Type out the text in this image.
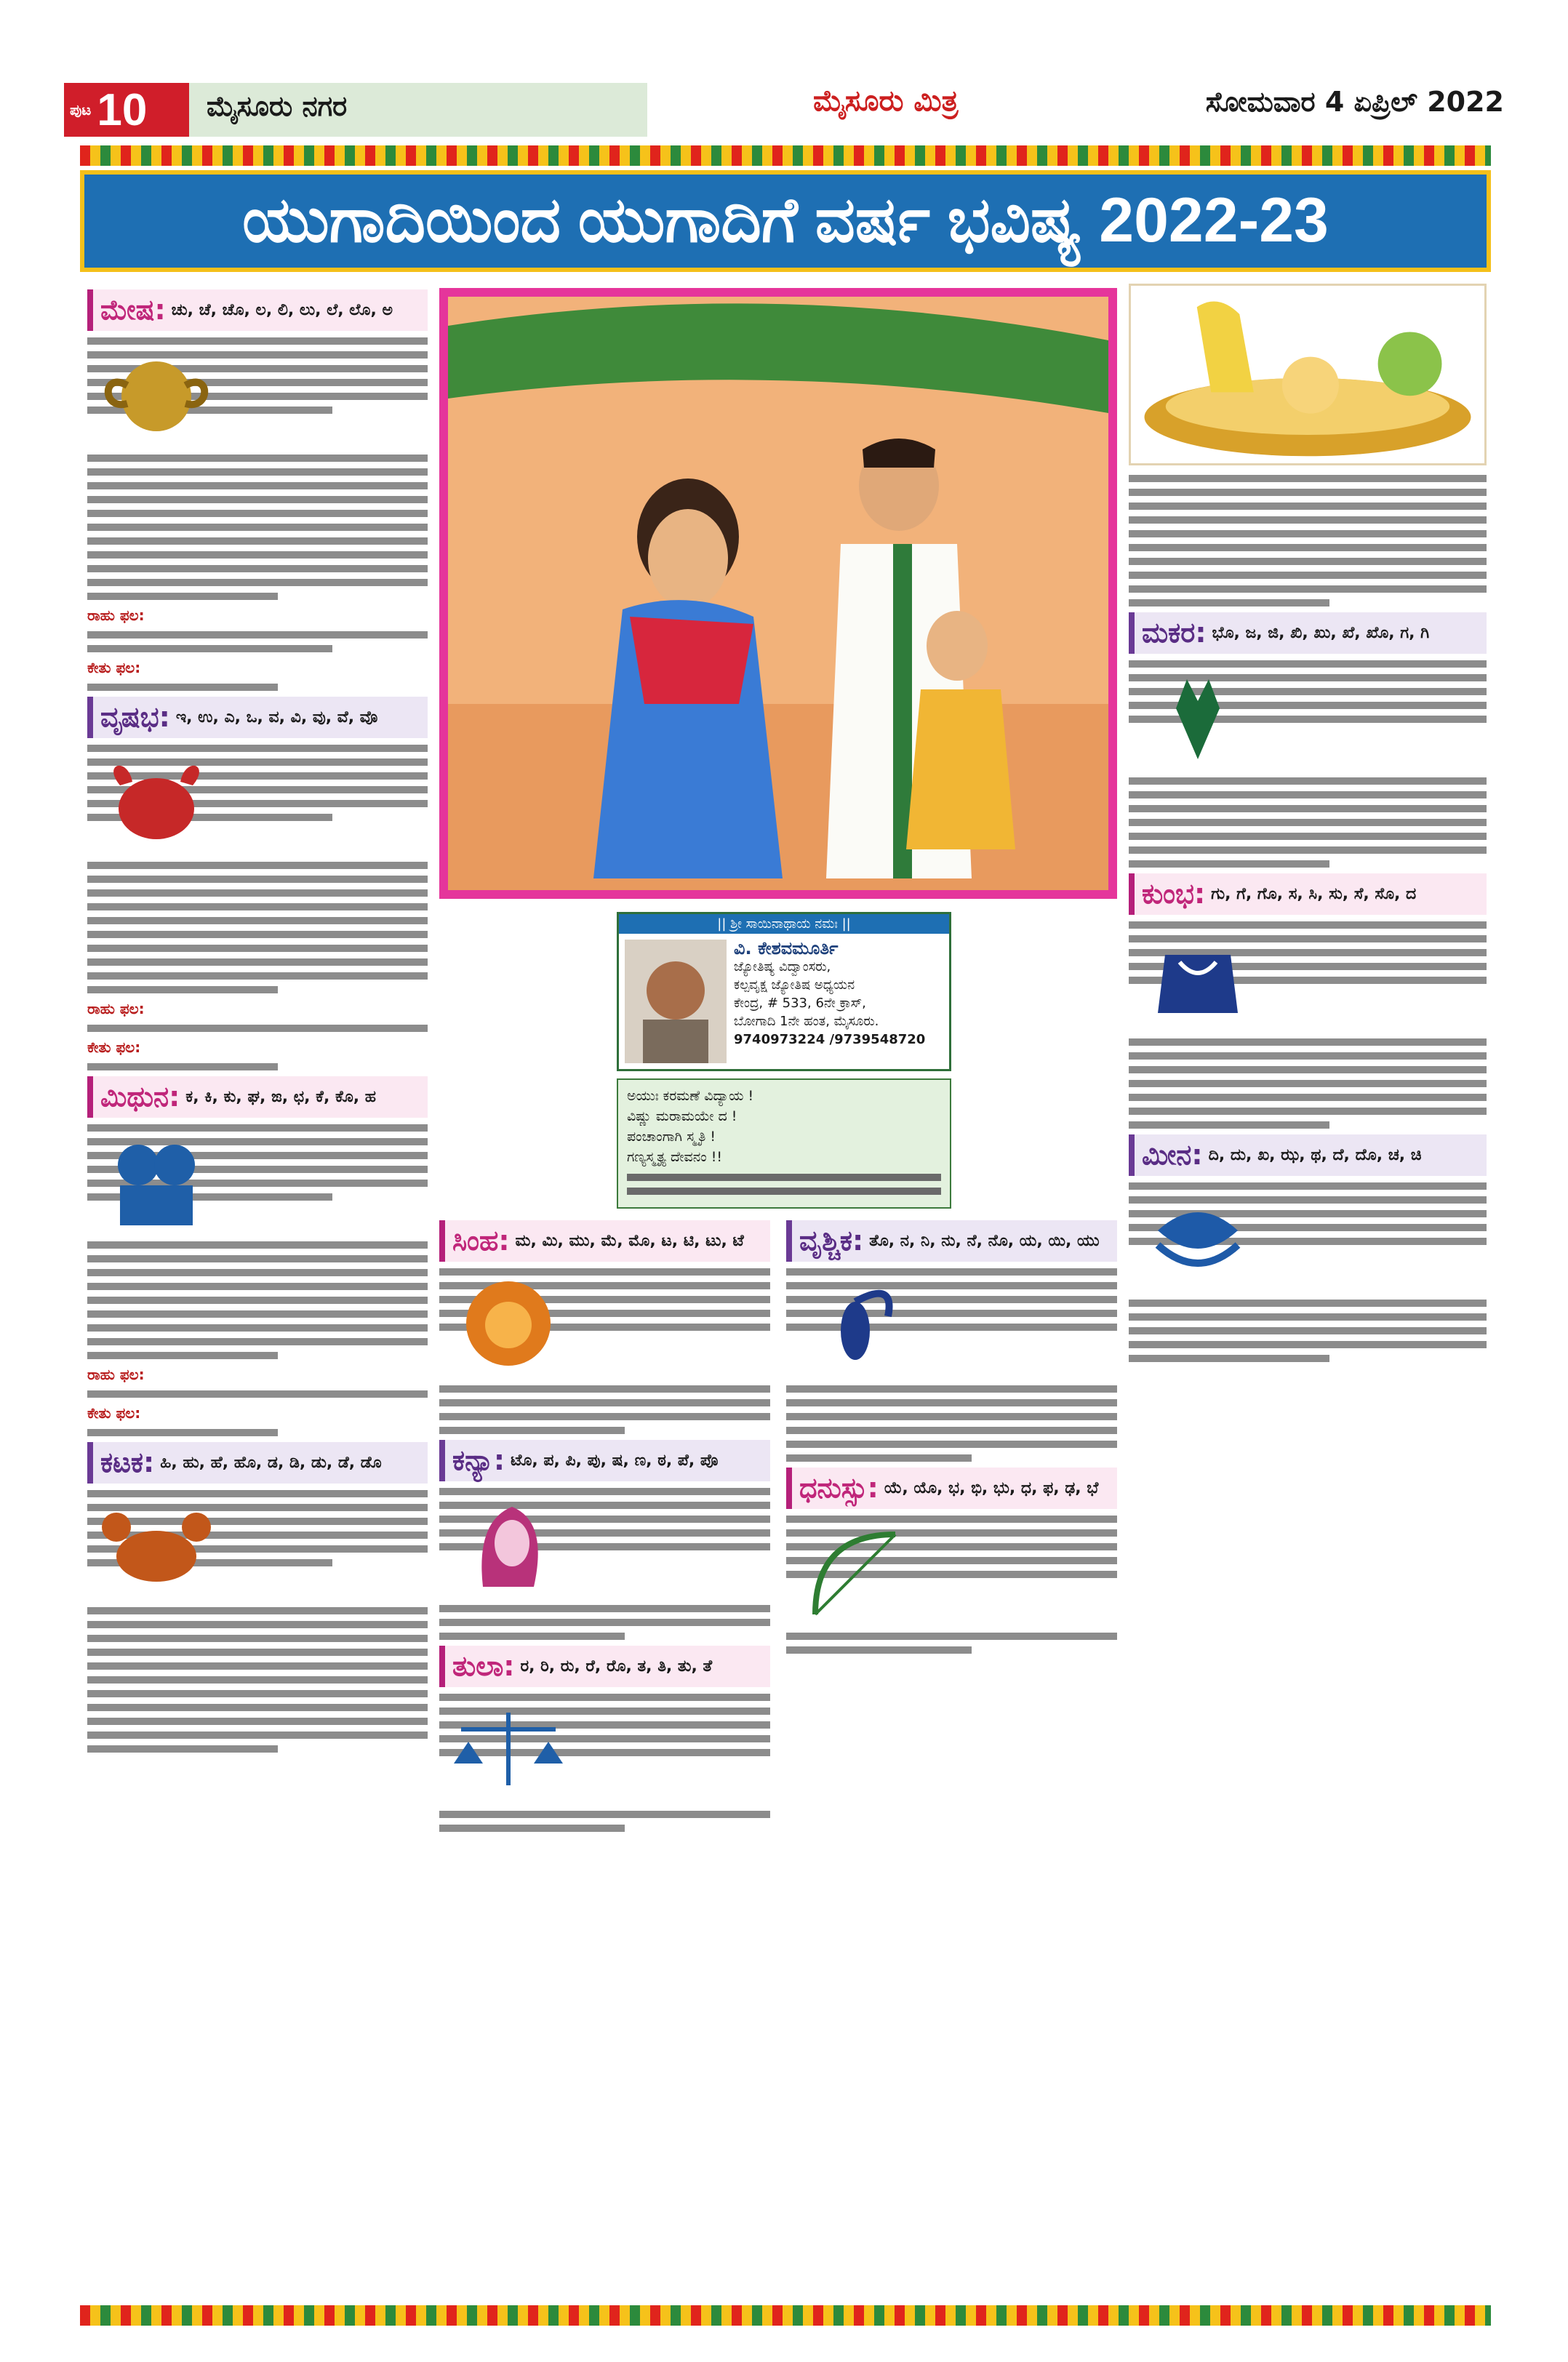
ಪುಟ 10	ಮೈಸೂರು ನಗರ	ಮೈಸೂರು ಮಿತ್ರ	ಸೋಮವಾರ 4 ಏಪ್ರಿಲ್ 2022
ಯುಗಾದಿಯಿಂದ ಯುಗಾದಿಗೆ ವರ್ಷ ಭವಿಷ್ಯ 2022-23
ಮೇಷ: ಚು, ಚೆ, ಚೊ, ಲ, ಲಿ, ಲು, ಲೆ, ಲೊ, ಅ
ರಾಹು ಫಲ:
ಕೇತು ಫಲ:
ವೃಷಭ: ಇ, ಉ, ಎ, ಒ, ವ, ವಿ, ವು, ವೆ, ವೊ
ರಾಹು ಫಲ:
ಕೇತು ಫಲ:
ಮಿಥುನ: ಕ, ಕಿ, ಕು, ಘ, ಙ, ಛ, ಕೆ, ಕೊ, ಹ
ರಾಹು ಫಲ:
ಕೇತು ಫಲ:
ಕಟಕ: ಹಿ, ಹು, ಹೆ, ಹೊ, ಡ, ಡಿ, ಡು, ಡೆ, ಡೊ
|| ಶ್ರೀ ಸಾಯಿನಾಥಾಯ ನಮಃ ||
ವಿ. ಕೇಶವಮೂರ್ತಿ
ಜ್ಯೋತಿಷ್ಯ ವಿದ್ವಾಂಸರು,
ಕಲ್ಪವೃಕ್ಷ ಜ್ಯೋತಿಷ ಅಧ್ಯಯನ
ಕೇಂದ್ರ, # 533, 6ನೇ ಕ್ರಾಸ್,
ಬೋಗಾದಿ 1ನೇ ಹಂತ, ಮೈಸೂರು.
9740973224 /9739548720
ಅಯುಃ ಕರಮಣೆ ವಿದ್ಯಾಯ !
ವಿಷ್ಣು ಮರಾಮಯೇ ದ !
ಪಂಚಾಂಗಾಗಿ ಸ್ಮೃತಿ !
ಗಣ್ಯಸ್ಮೃತ್ಯ ದೇವನಂ !!
ಸಿಂಹ: ಮ, ಮಿ, ಮು, ಮೆ, ಮೊ, ಟ, ಟಿ, ಟು, ಟೆ
ಕನ್ಯಾ: ಟೊ, ಪ, ಪಿ, ಪು, ಷ, ಣ, ಠ, ಪೆ, ಪೊ
ತುಲಾ: ರ, ರಿ, ರು, ರೆ, ರೊ, ತ, ತಿ, ತು, ತೆ
ವೃಶ್ಚಿಕ: ತೊ, ನ, ನಿ, ನು, ನೆ, ನೊ, ಯ, ಯಿ, ಯು
ಧನುಸ್ಸು: ಯೆ, ಯೊ, ಭ, ಭಿ, ಭು, ಧ, ಫ, ಢ, ಭೆ
ಮಕರ: ಭೊ, ಜ, ಜಿ, ಖಿ, ಖು, ಖೆ, ಖೊ, ಗ, ಗಿ
ಕುಂಭ: ಗು, ಗೆ, ಗೊ, ಸ, ಸಿ, ಸು, ಸೆ, ಸೊ, ದ
ಮೀನ: ದಿ, ದು, ಖ, ಝ, ಥ, ದೆ, ದೊ, ಚ, ಚಿ
